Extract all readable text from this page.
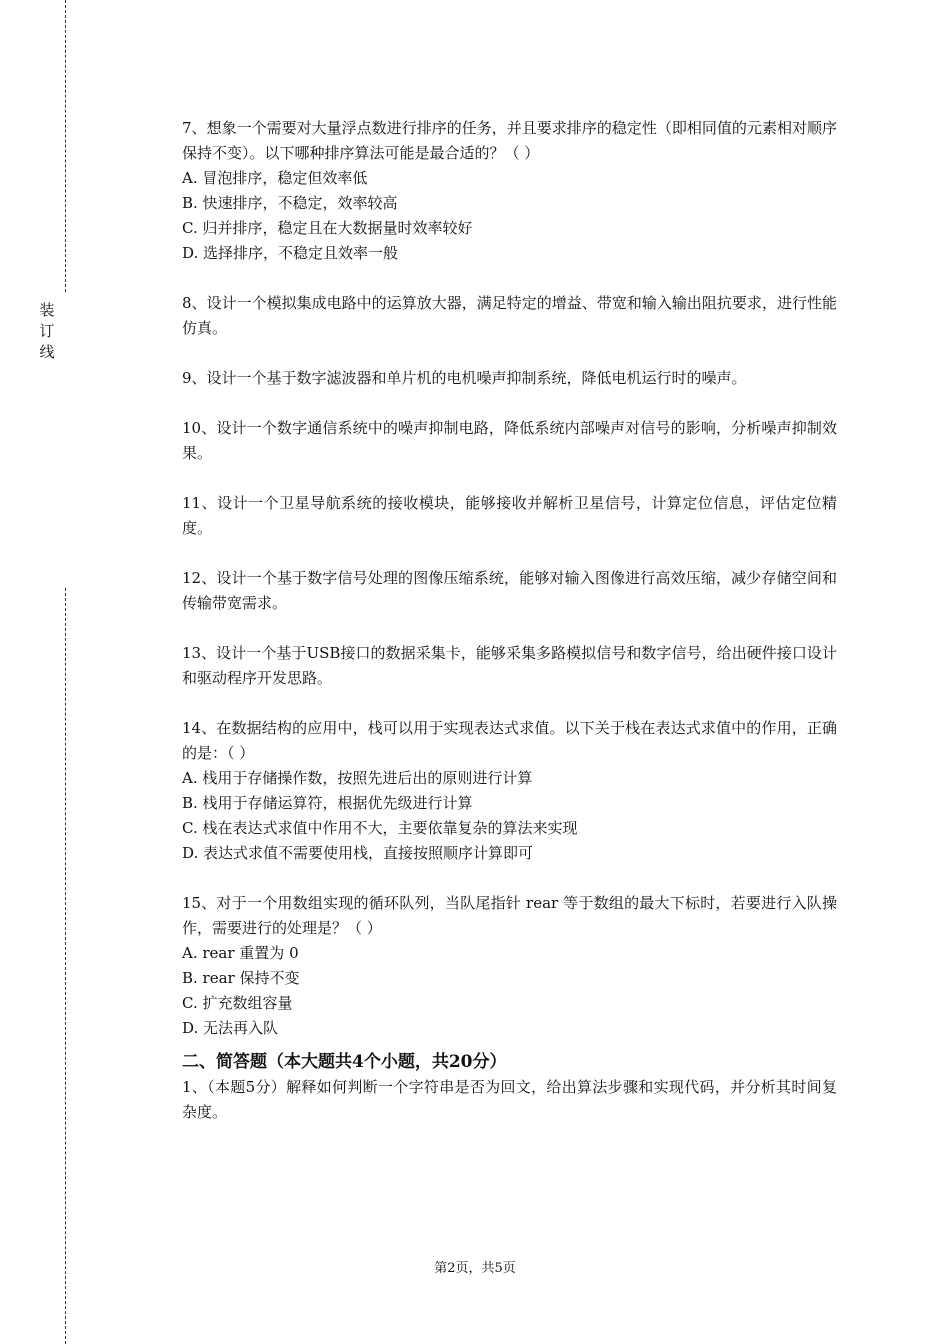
装
订
线

7、想象一个需要对大量浮点数进行排序的任务，并且要求排序的稳定性（即相同值的元素相对顺序保持不变）。以下哪种排序算法可能是最合适的？（ ）

A. 冒泡排序，稳定但效率低
B. 快速排序，不稳定，效率较高
C. 归并排序，稳定且在大数据量时效率较好
D. 选择排序，不稳定且效率一般

8、设计一个模拟集成电路中的运算放大器，满足特定的增益、带宽和输入输出阻抗要求，进行性能仿真。

9、设计一个基于数字滤波器和单片机的电机噪声抑制系统，降低电机运行时的噪声。

10、设计一个数字通信系统中的噪声抑制电路，降低系统内部噪声对信号的影响，分析噪声抑制效果。

11、设计一个卫星导航系统的接收模块，能够接收并解析卫星信号，计算定位信息，评估定位精度。

12、设计一个基于数字信号处理的图像压缩系统，能够对输入图像进行高效压缩，减少存储空间和传输带宽需求。

13、设计一个基于USB接口的数据采集卡，能够采集多路模拟信号和数字信号，给出硬件接口设计和驱动程序开发思路。

14、在数据结构的应用中，栈可以用于实现表达式求值。以下关于栈在表达式求值中的作用，正确的是：（ ）

A. 栈用于存储操作数，按照先进后出的原则进行计算
B. 栈用于存储运算符，根据优先级进行计算
C. 栈在表达式求值中作用不大，主要依靠复杂的算法来实现
D. 表达式求值不需要使用栈，直接按照顺序计算即可

15、对于一个用数组实现的循环队列，当队尾指针 rear 等于数组的最大下标时，若要进行入队操作，需要进行的处理是？（ ）

A. rear 重置为 0
B. rear 保持不变
C. 扩充数组容量
D. 无法再入队
二、简答题（本大题共4个小题，共20分）

1、（本题5分）解释如何判断一个字符串是否为回文，给出算法步骤和实现代码，并分析其时间复杂度。

第2页，共5页
